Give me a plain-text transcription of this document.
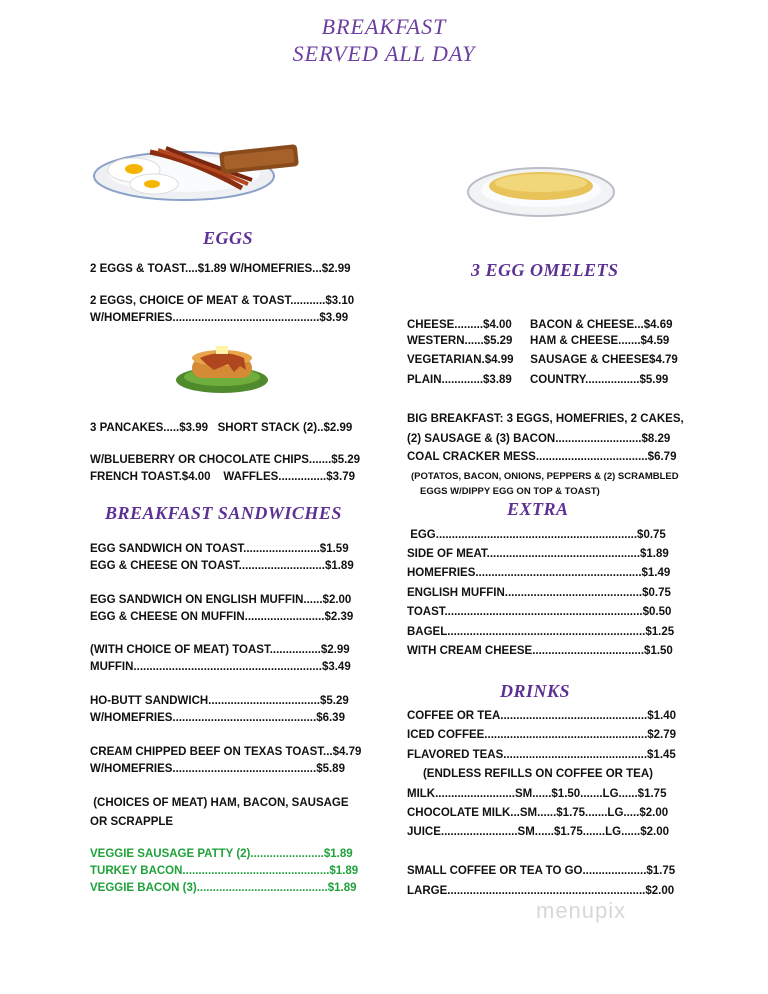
BREAKFAST
SERVED ALL DAY
EGGS
2 EGGS & TOAST....$1.89 W/HOMEFRIES...$2.99
2 EGGS, CHOICE OF MEAT & TOAST...........$3.10
W/HOMEFRIES..............................................$3.99
3 PANCAKES.....$3.99   SHORT STACK (2)..$2.99
W/BLUEBERRY OR CHOCOLATE CHIPS.......$5.29
FRENCH TOAST.$4.00    WAFFLES...............$3.79
BREAKFAST SANDWICHES
EGG SANDWICH ON TOAST........................$1.59
EGG & CHEESE ON TOAST...........................$1.89
EGG SANDWICH ON ENGLISH MUFFIN......$2.00
EGG & CHEESE ON MUFFIN.........................$2.39
(WITH CHOICE OF MEAT) TOAST................$2.99
MUFFIN...........................................................$3.49
HO-BUTT SANDWICH...................................$5.29
W/HOMEFRIES.............................................$6.39
CREAM CHIPPED BEEF ON TEXAS TOAST...$4.79
W/HOMEFRIES.............................................$5.89
(CHOICES OF MEAT) HAM, BACON, SAUSAGE
OR SCRAPPLE
VEGGIE SAUSAGE PATTY (2).......................$1.89
TURKEY BACON..............................................$1.89
VEGGIE BACON (3).........................................$1.89
3 EGG OMELETS
CHEESE.........$4.00 BACON & CHEESE...$4.69
WESTERN......$5.29 HAM & CHEESE.......$4.59
VEGETARIAN.$4.99 SAUSAGE & CHEESE$4.79
PLAIN.............$3.89 COUNTRY.................$5.99
BIG BREAKFAST: 3 EGGS, HOMEFRIES, 2 CAKES,
(2) SAUSAGE & (3) BACON...........................$8.29
COAL CRACKER MESS...................................$6.79
(POTATOS, BACON, ONIONS, PEPPERS & (2) SCRAMBLED
EGGS W/DIPPY EGG ON TOP & TOAST)
EXTRA
EGG...............................................................$0.75
SIDE OF MEAT................................................$1.89
HOMEFRIES....................................................$1.49
ENGLISH MUFFIN...........................................$0.75
TOAST..............................................................$0.50
BAGEL..............................................................$1.25
WITH CREAM CHEESE...................................$1.50
DRINKS
COFFEE OR TEA..............................................$1.40
ICED COFFEE...................................................$2.79
FLAVORED TEAS.............................................$1.45
(ENDLESS REFILLS ON COFFEE OR TEA)
MILK.........................SM......$1.50.......LG......$1.75
CHOCOLATE MILK...SM......$1.75.......LG.....$2.00
JUICE........................SM......$1.75.......LG......$2.00
SMALL COFFEE OR TEA TO GO....................$1.75
LARGE..............................................................$2.00
menupix
